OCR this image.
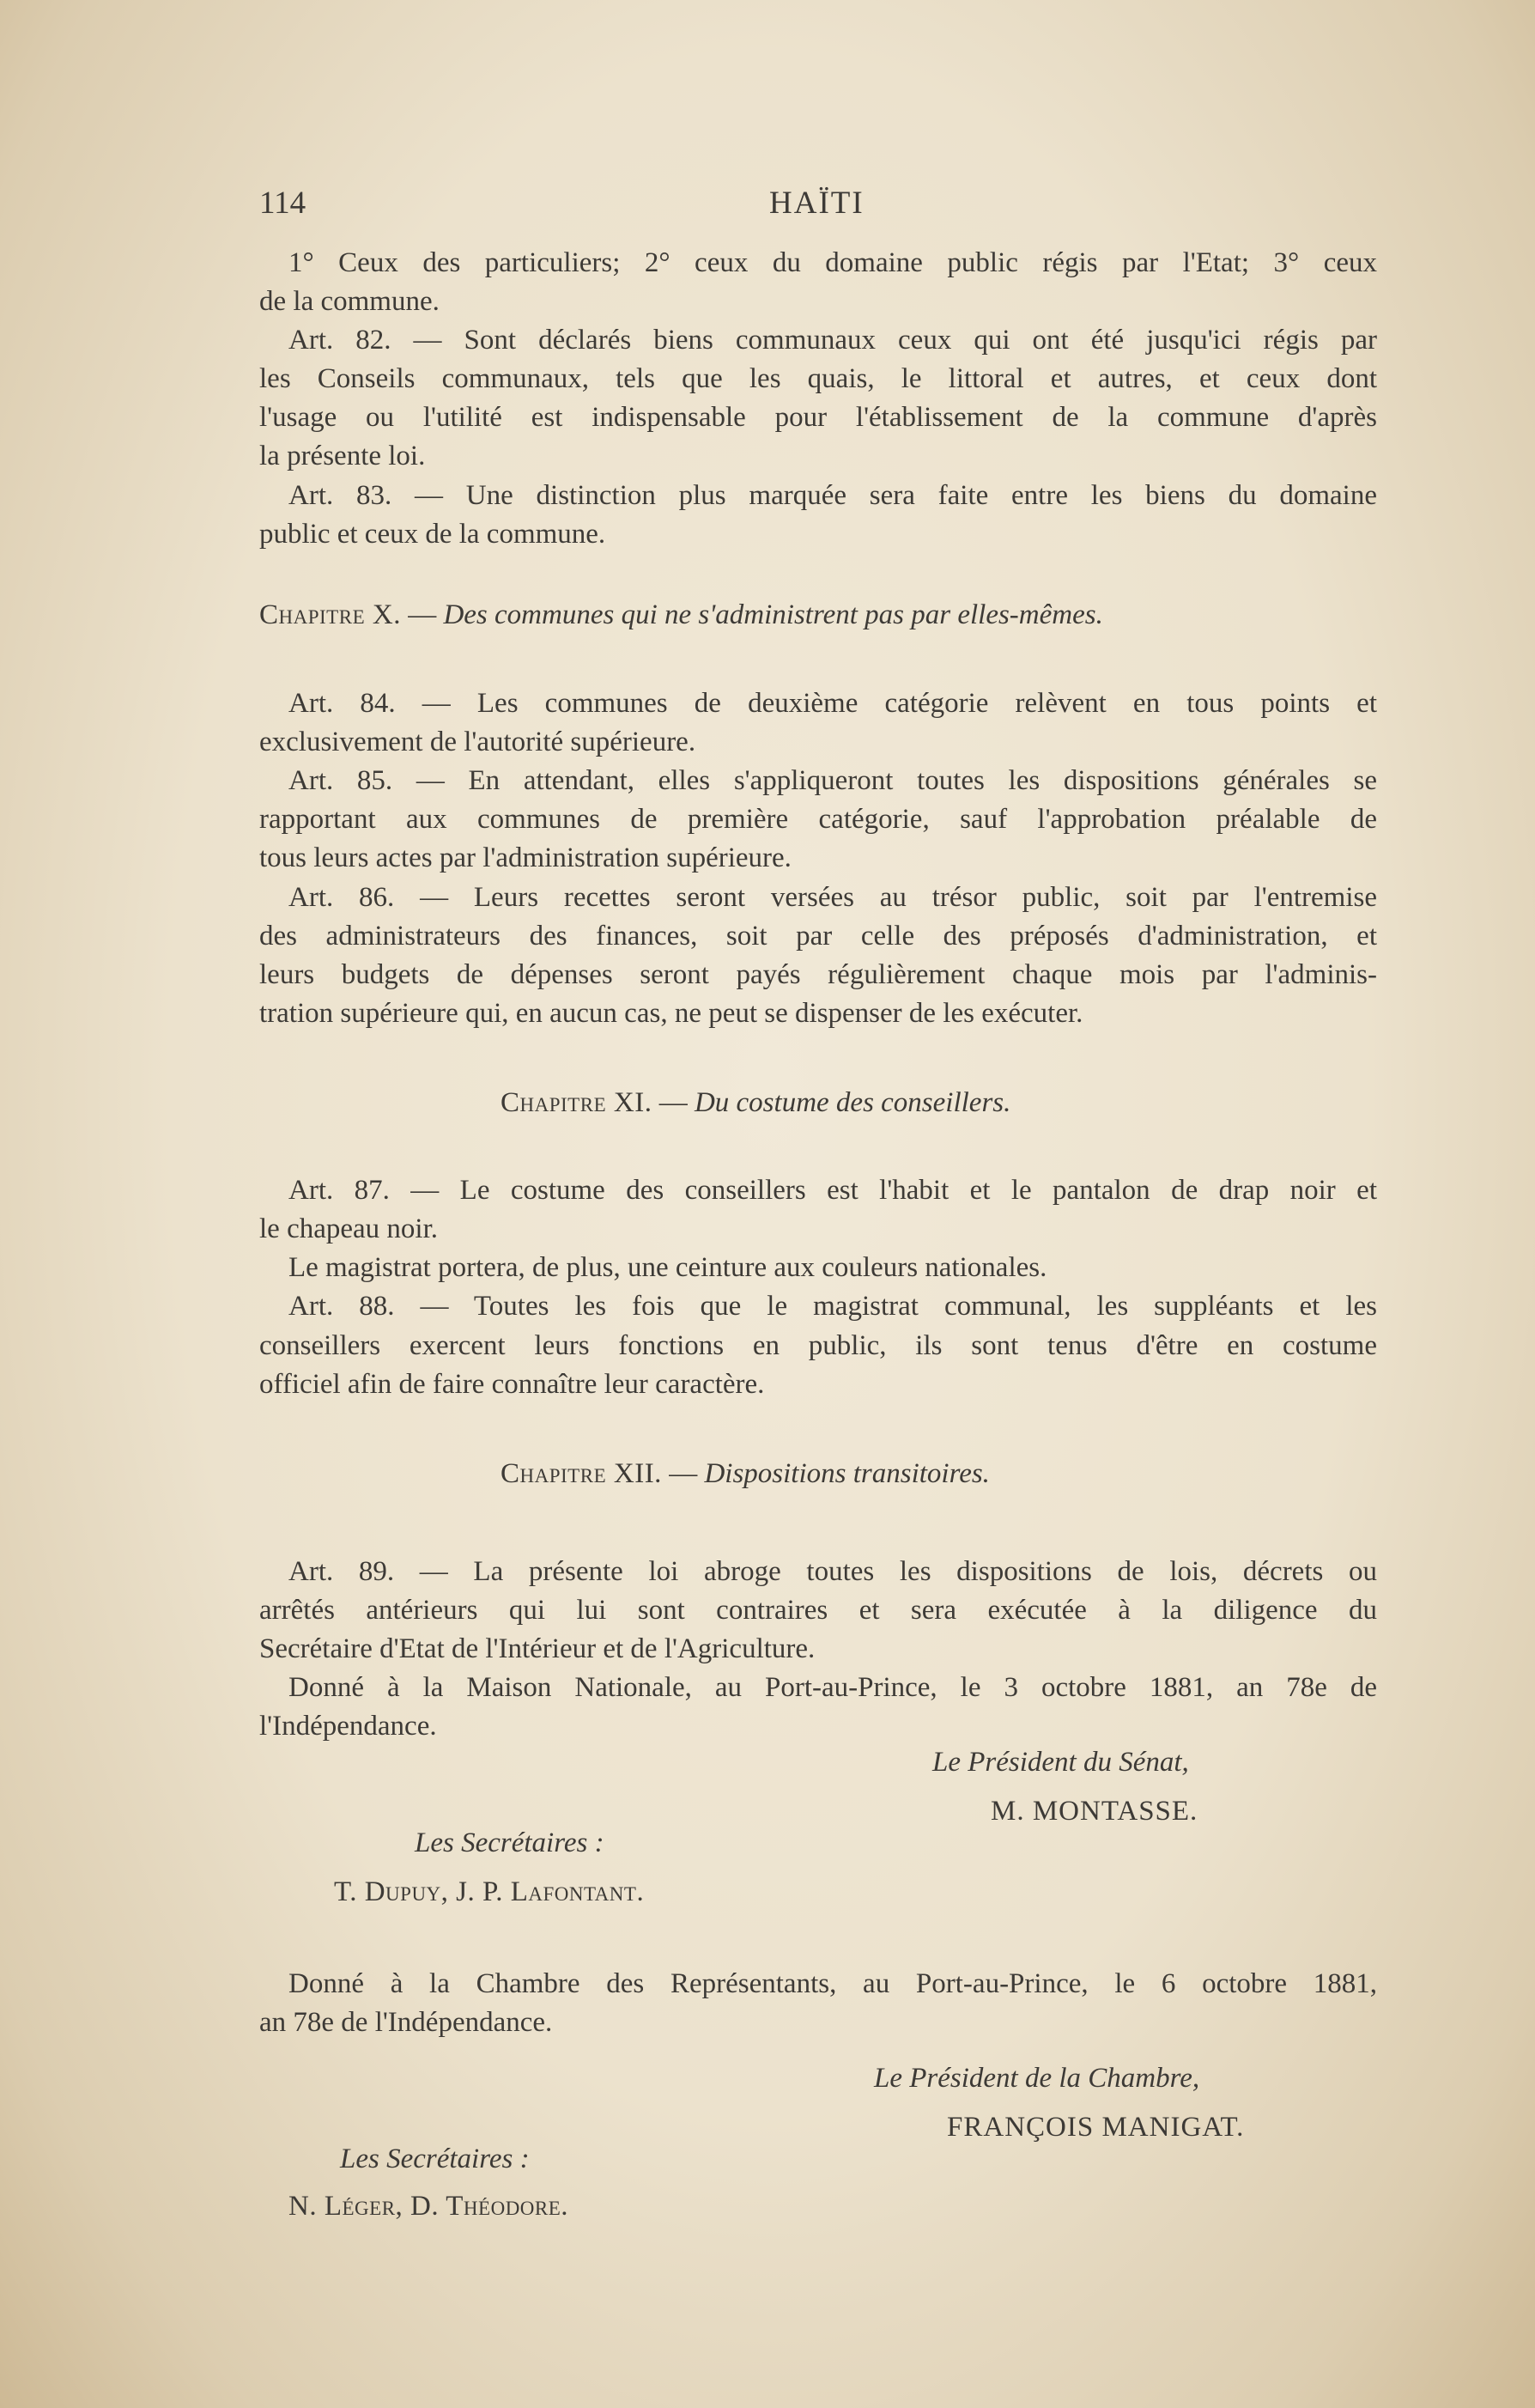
114	HAÏTI
1° Ceux des particuliers; 2° ceux du domaine public régis par l'Etat; 3° ceux
de la commune.
Art. 82. — Sont déclarés biens communaux ceux qui ont été jusqu'ici régis par
les Conseils communaux, tels que les quais, le littoral et autres, et ceux dont
l'usage ou l'utilité est indispensable pour l'établissement de la commune d'après
la présente loi.
Art. 83. — Une distinction plus marquée sera faite entre les biens du domaine
public et ceux de la commune.
Chapitre X. — Des communes qui ne s'administrent pas par elles-mêmes.
Art. 84. — Les communes de deuxième catégorie relèvent en tous points et
exclusivement de l'autorité supérieure.
Art. 85. — En attendant, elles s'appliqueront toutes les dispositions générales se
rapportant aux communes de première catégorie, sauf l'approbation préalable de
tous leurs actes par l'administration supérieure.
Art. 86. — Leurs recettes seront versées au trésor public, soit par l'entremise
des administrateurs des finances, soit par celle des préposés d'administration, et
leurs budgets de dépenses seront payés régulièrement chaque mois par l'adminis-
tration supérieure qui, en aucun cas, ne peut se dispenser de les exécuter.
Chapitre XI. — Du costume des conseillers.
Art. 87. — Le costume des conseillers est l'habit et le pantalon de drap noir et
le chapeau noir.
Le magistrat portera, de plus, une ceinture aux couleurs nationales.
Art. 88. — Toutes les fois que le magistrat communal, les suppléants et les
conseillers exercent leurs fonctions en public, ils sont tenus d'être en costume
officiel afin de faire connaître leur caractère.
Chapitre XII. — Dispositions transitoires.
Art. 89. — La présente loi abroge toutes les dispositions de lois, décrets ou
arrêtés antérieurs qui lui sont contraires et sera exécutée à la diligence du
Secrétaire d'Etat de l'Intérieur et de l'Agriculture.
Donné à la Maison Nationale, au Port-au-Prince, le 3 octobre 1881, an 78e de
l'Indépendance.
Le Président du Sénat,
M. MONTASSE.
Les Secrétaires :
T. Dupuy, J. P. Lafontant.
Donné à la Chambre des Représentants, au Port-au-Prince, le 6 octobre 1881,
an 78e de l'Indépendance.
Le Président de la Chambre,
FRANÇOIS MANIGAT.
Les Secrétaires :
N. Léger, D. Théodore.
